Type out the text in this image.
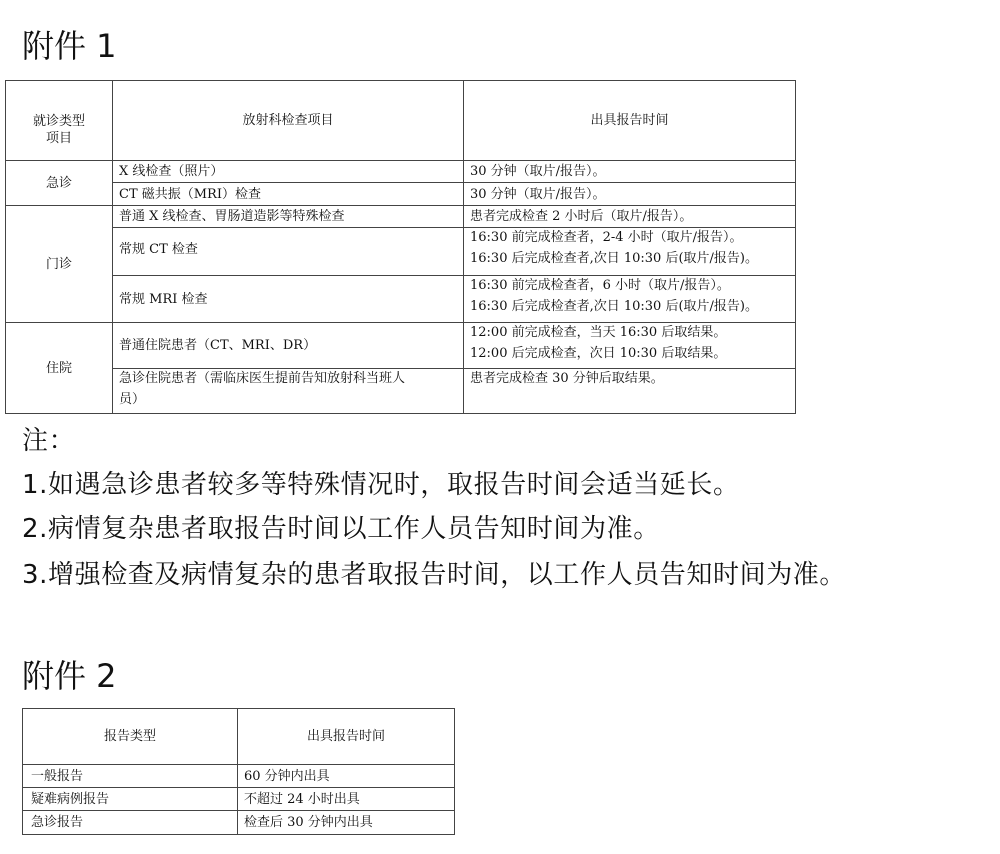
附件 1
就诊类型
项目	放射科检查项目	出具报告时间
急诊	X 线检查（照片）	30 分钟（取片/报告）。
	CT 磁共振（MRI）检查	30 分钟（取片/报告）。
门诊	普通 X 线检查、胃肠道造影等特殊检查	患者完成检查 2 小时后（取片/报告）。
	常规 CT 检查	16:30 前完成检查者，2-4 小时（取片/报告）。
16:30 后完成检查者,次日 10:30 后(取片/报告)。

	常规 MRI 检查	16:30 前完成检查者，6 小时（取片/报告）。
16:30 后完成检查者,次日 10:30 后(取片/报告)。

住院	普通住院患者（CT、MRI、DR）	12:00 前完成检查，当天 16:30 后取结果。
12:00 后完成检查，次日 10:30 后取结果。

	急诊住院患者（需临床医生提前告知放射科当班人
员）	患者完成检查 30 分钟后取结果。
注：
1.如遇急诊患者较多等特殊情况时，取报告时间会适当延长。
2.病情复杂患者取报告时间以工作人员告知时间为准。
3.增强检查及病情复杂的患者取报告时间，以工作人员告知时间为准。
附件 2
报告类型	出具报告时间
一般报告	60 分钟内出具
疑难病例报告	不超过 24 小时出具
急诊报告	检查后 30 分钟内出具
